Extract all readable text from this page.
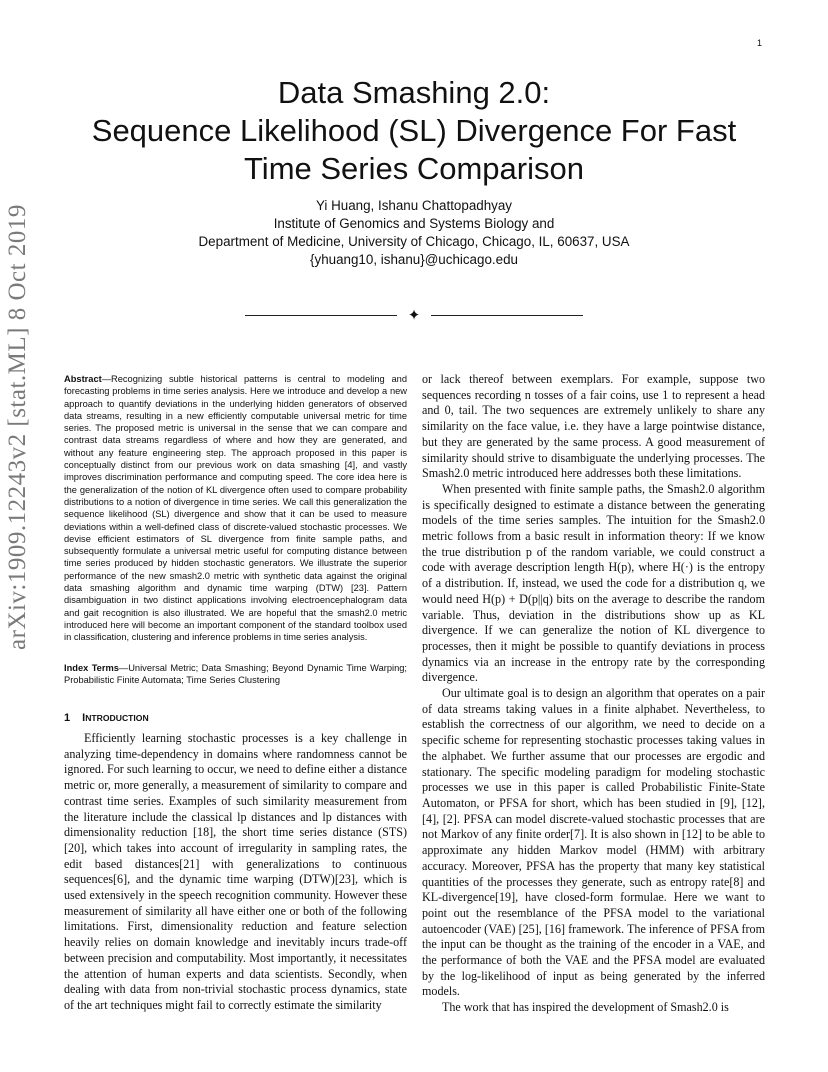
1
arXiv:1909.12243v2 [stat.ML] 8 Oct 2019
Data Smashing 2.0:
Sequence Likelihood (SL) Divergence For Fast
Time Series Comparison
Yi Huang, Ishanu Chattopadhyay
Institute of Genomics and Systems Biology and
Department of Medicine, University of Chicago, Chicago, IL, 60637, USA
{yhuang10, ishanu}@uchicago.edu
✦
Abstract—Recognizing subtle historical patterns is central to modeling and forecasting problems in time series analysis. Here we introduce and develop a new approach to quantify deviations in the underlying hidden generators of observed data streams, resulting in a new efficiently computable universal metric for time series. The proposed metric is universal in the sense that we can compare and contrast data streams regardless of where and how they are generated, and without any feature engineering step. The approach proposed in this paper is conceptually distinct from our previous work on data smashing [4], and vastly improves discrimination performance and computing speed. The core idea here is the generalization of the notion of KL divergence often used to compare probability distributions to a notion of divergence in time series. We call this generalization the sequence likelihood (SL) divergence and show that it can be used to measure deviations within a well-defined class of discrete-valued stochastic processes. We devise efficient estimators of SL divergence from finite sample paths, and subsequently formulate a universal metric useful for computing distance between time series produced by hidden stochastic generators. We illustrate the superior performance of the new smash2.0 metric with synthetic data against the original data smashing algorithm and dynamic time warping (DTW) [23]. Pattern disambiguation in two distinct applications involving electroencephalogram data and gait recognition is also illustrated. We are hopeful that the smash2.0 metric introduced here will become an important component of the standard toolbox used in classification, clustering and inference problems in time series analysis.
Index Terms—Universal Metric; Data Smashing; Beyond Dynamic Time Warping; Probabilistic Finite Automata; Time Series Clustering
1 INTRODUCTION

Efficiently learning stochastic processes is a key challenge in analyzing time-dependency in domains where randomness cannot be ignored. For such learning to occur, we need to define either a distance metric or, more generally, a measurement of similarity to compare and contrast time series. Examples of such similarity measurement from the literature include the classical lp distances and lp distances with dimensionality reduction [18], the short time series distance (STS)[20], which takes into account of irregularity in sampling rates, the edit based distances[21] with generalizations to continuous sequences[6], and the dynamic time warping (DTW)[23], which is used extensively in the speech recognition community. However these measurement of similarity all have either one or both of the following limitations. First, dimensionality reduction and feature selection heavily relies on domain knowledge and inevitably incurs trade-off between precision and computability. Most importantly, it necessitates the attention of human experts and data scientists. Secondly, when dealing with data from non-trivial stochastic process dynamics, state of the art techniques might fail to correctly estimate the similarity

or lack thereof between exemplars. For example, suppose two sequences recording n tosses of a fair coins, use 1 to represent a head and 0, tail. The two sequences are extremely unlikely to share any similarity on the face value, i.e. they have a large pointwise distance, but they are generated by the same process. A good measurement of similarity should strive to disambiguate the underlying processes. The Smash2.0 metric introduced here addresses both these limitations.

When presented with finite sample paths, the Smash2.0 algorithm is specifically designed to estimate a distance between the generating models of the time series samples. The intuition for the Smash2.0 metric follows from a basic result in information theory: If we know the true distribution p of the random variable, we could construct a code with average description length H(p), where H(·) is the entropy of a distribution. If, instead, we used the code for a distribution q, we would need H(p) + D(p||q) bits on the average to describe the random variable. Thus, deviation in the distributions show up as KL divergence. If we can generalize the notion of KL divergence to processes, then it might be possible to quantify deviations in process dynamics via an increase in the entropy rate by the corresponding divergence.

Our ultimate goal is to design an algorithm that operates on a pair of data streams taking values in a finite alphabet. Nevertheless, to establish the correctness of our algorithm, we need to decide on a specific scheme for representing stochastic processes taking values in the alphabet. We further assume that our processes are ergodic and stationary. The specific modeling paradigm for modeling stochastic processes we use in this paper is called Probabilistic Finite-State Automaton, or PFSA for short, which has been studied in [9], [12], [4], [2]. PFSA can model discrete-valued stochastic processes that are not Markov of any finite order[7]. It is also shown in [12] to be able to approximate any hidden Markov model (HMM) with arbitrary accuracy. Moreover, PFSA has the property that many key statistical quantities of the processes they generate, such as entropy rate[8] and KL-divergence[19], have closed-form formulae. Here we want to point out the resemblance of the PFSA model to the variational autoencoder (VAE) [25], [16] framework. The inference of PFSA from the input can be thought as the training of the encoder in a VAE, and the performance of both the VAE and the PFSA model are evaluated by the log-likelihood of input as being generated by the inferred models.

The work that has inspired the development of Smash2.0 is
